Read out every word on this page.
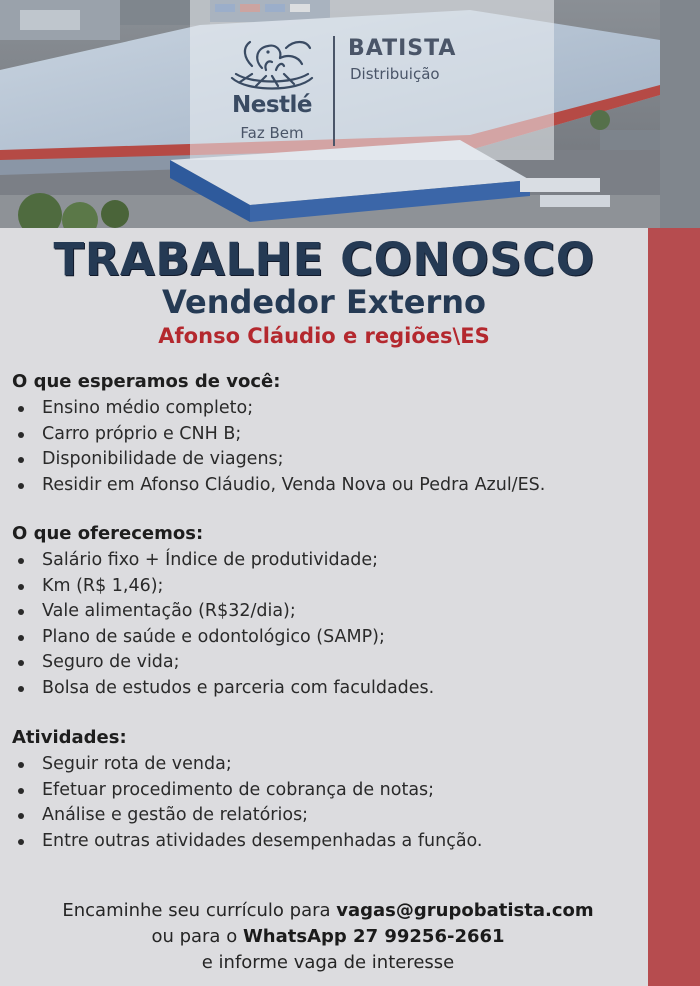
Nestlé
Faz Bem
BATISTA
Distribuição
TRABALHE CONOSCO
Vendedor Externo
Afonso Cláudio e regiões\ES
O que esperamos de você:
Ensino médio completo;
Carro próprio e CNH B;
Disponibilidade de viagens;
Residir em Afonso Cláudio, Venda Nova ou Pedra Azul/ES.
O que oferecemos:
Salário fixo + Índice de produtividade;
Km (R$ 1,46);
Vale alimentação (R$32/dia);
Plano de saúde e odontológico (SAMP);
Seguro de vida;
Bolsa de estudos e parceria com faculdades.
Atividades:
Seguir rota de venda;
Efetuar procedimento de cobrança de notas;
Análise e gestão de relatórios;
Entre outras atividades desempenhadas a função.
Encaminhe seu currículo para vagas@grupobatista.com
ou para o WhatsApp 27 99256-2661
e informe vaga de interesse
